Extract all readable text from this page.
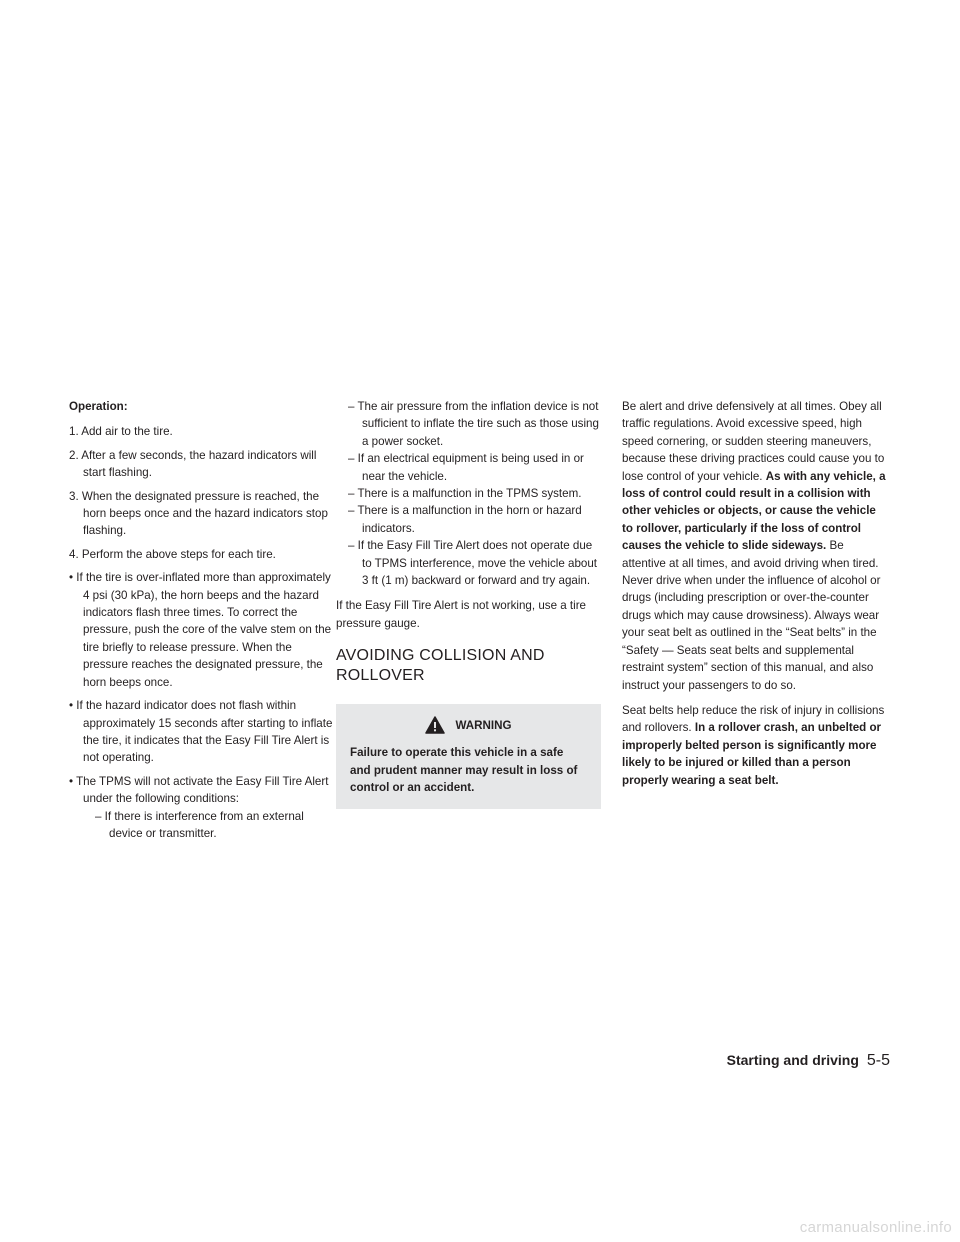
Operation:

1. Add air to the tire.

2. After a few seconds, the hazard indicators will start flashing.

3. When the designated pressure is reached, the horn beeps once and the hazard indicators stop flashing.

4. Perform the above steps for each tire.

• If the tire is over-inflated more than approximately 4 psi (30 kPa), the horn beeps and the hazard indicators flash three times. To correct the pressure, push the core of the valve stem on the tire briefly to release pressure. When the pressure reaches the designated pressure, the horn beeps once.

• If the hazard indicator does not flash within approximately 15 seconds after starting to inflate the tire, it indicates that the Easy Fill Tire Alert is not operating.

• The TPMS will not activate the Easy Fill Tire Alert under the following conditions:

– If there is interference from an external device or transmitter.

– The air pressure from the inflation device is not sufficient to inflate the tire such as those using a power socket.

– If an electrical equipment is being used in or near the vehicle.

– There is a malfunction in the TPMS system.

– There is a malfunction in the horn or hazard indicators.

– If the Easy Fill Tire Alert does not operate due to TPMS interference, move the vehicle about 3 ft (1 m) backward or forward and try again.

If the Easy Fill Tire Alert is not working, use a tire pressure gauge.

AVOIDING COLLISION AND ROLLOVER
WARNING

Failure to operate this vehicle in a safe and prudent manner may result in loss of control or an accident.

Be alert and drive defensively at all times. Obey all traffic regulations. Avoid excessive speed, high speed cornering, or sudden steering maneuvers, because these driving practices could cause you to lose control of your vehicle. As with any vehicle, a loss of control could result in a collision with other vehicles or objects, or cause the vehicle to rollover, particularly if the loss of control causes the vehicle to slide sideways. Be attentive at all times, and avoid driving when tired. Never drive when under the influence of alcohol or drugs (including prescription or over-the-counter drugs which may cause drowsiness). Always wear your seat belt as outlined in the “Seat belts” in the “Safety — Seats seat belts and supplemental restraint system” section of this manual, and also instruct your passengers to do so.

Seat belts help reduce the risk of injury in collisions and rollovers. In a rollover crash, an unbelted or improperly belted person is significantly more likely to be injured or killed than a person properly wearing a seat belt.

Starting and driving 5-5
carmanualsonline.info
